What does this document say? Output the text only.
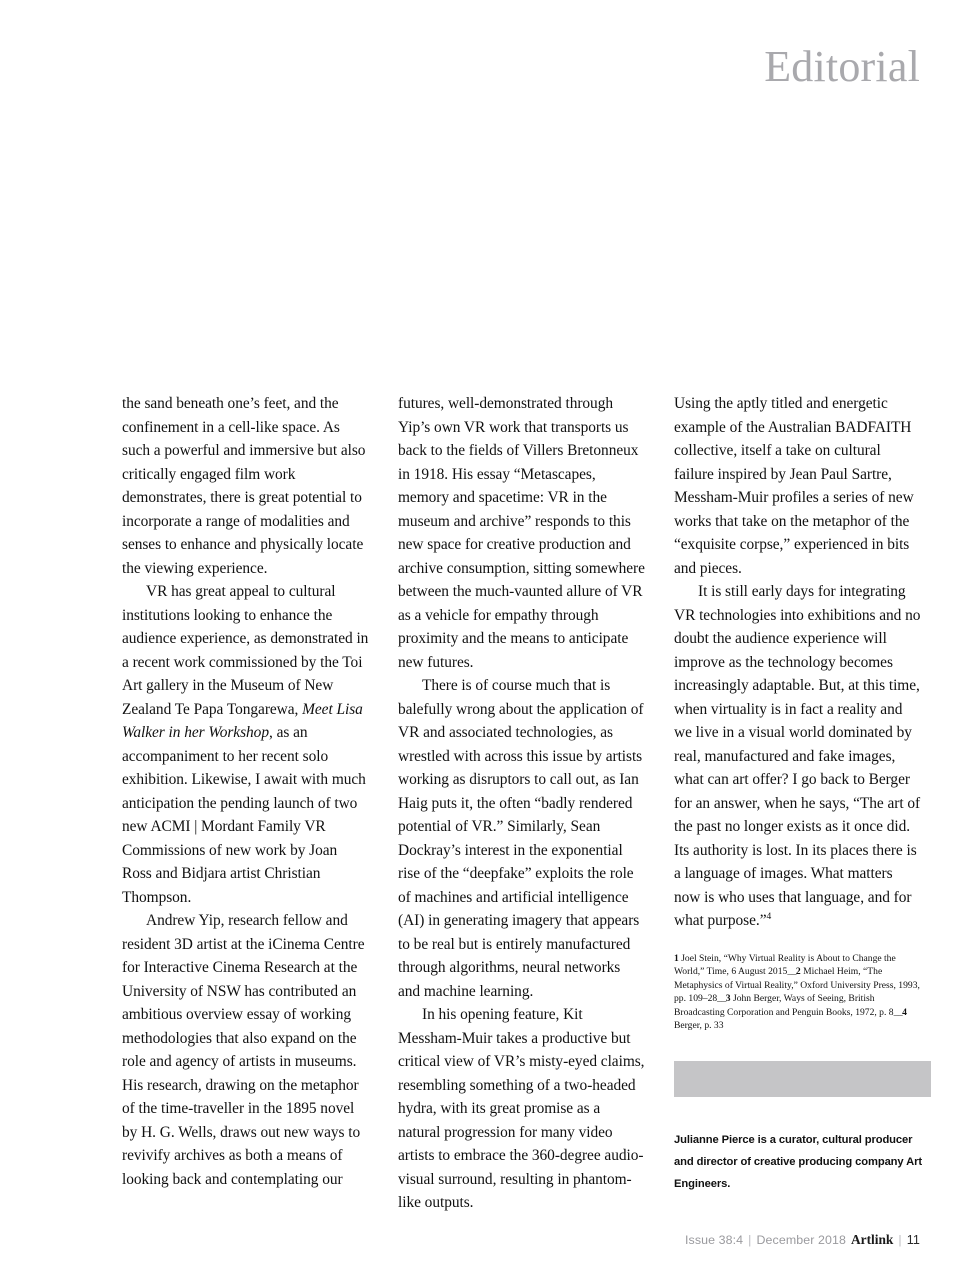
Editorial

the sand beneath one’s feet, and the confinement in a cell-like space. As such a powerful and immersive but also critically engaged film work demonstrates, there is great potential to incorporate a range of modalities and senses to enhance and physically locate the viewing experience.

VR has great appeal to cultural institutions looking to enhance the audience experience, as demonstrated in a recent work commissioned by the Toi Art gallery in the Museum of New Zealand Te Papa Tongarewa, Meet Lisa Walker in her Workshop, as an accompaniment to her recent solo exhibition. Likewise, I await with much anticipation the pending launch of two new ACMI | Mordant Family VR Commissions of new work by Joan Ross and Bidjara artist Christian Thompson.

Andrew Yip, research fellow and resident 3D artist at the iCinema Centre for Interactive Cinema Research at the University of NSW has contributed an ambitious overview essay of working methodologies that also expand on the role and agency of artists in museums. His research, drawing on the metaphor of the time-traveller in the 1895 novel by H. G. Wells, draws out new ways to revivify archives as both a means of looking back and contemplating our

futures, well-demonstrated through Yip’s own VR work that transports us back to the fields of Villers Bretonneux in 1918. His essay “Metascapes, memory and spacetime: VR in the museum and archive” responds to this new space for creative production and archive consumption, sitting somewhere between the much-vaunted allure of VR as a vehicle for empathy through proximity and the means to anticipate new futures.

There is of course much that is balefully wrong about the application of VR and associated technologies, as wrestled with across this issue by artists working as disruptors to call out, as Ian Haig puts it, the often “badly rendered potential of VR.” Similarly, Sean Dockray’s interest in the exponential rise of the “deepfake” exploits the role of machines and artificial intelligence (AI) in generating imagery that appears to be real but is entirely manufactured through algorithms, neural networks and machine learning.

In his opening feature, Kit Messham-Muir takes a productive but critical view of VR’s misty-eyed claims, resembling something of a two-headed hydra, with its great promise as a natural progression for many video artists to embrace the 360-degree audio-visual surround, resulting in phantom-like outputs.

Using the aptly titled and energetic example of the Australian BADFAITH collective, itself a take on cultural failure inspired by Jean Paul Sartre, Messham-Muir profiles a series of new works that take on the metaphor of the “exquisite corpse,” experienced in bits and pieces.

It is still early days for integrating VR technologies into exhibitions and no doubt the audience experience will improve as the technology becomes increasingly adaptable. But, at this time, when virtuality is in fact a reality and we live in a visual world dominated by real, manufactured and fake images, what can art offer? I go back to Berger for an answer, when he says, “The art of the past no longer exists as it once did. Its authority is lost. In its places there is a language of images. What matters now is who uses that language, and for what purpose.”$^4$

1 Joel Stein, “Why Virtual Reality is About to Change the World,” Time, 6 August 2015__2 Michael Heim, “The Metaphysics of Virtual Reality,” Oxford University Press, 1993, pp. 109–28__3 John Berger, Ways of Seeing, British Broadcasting Corporation and Penguin Books, 1972, p. 8__4 Berger, p. 33
Julianne Pierce is a curator, cultural producer and director of creative producing company Art Engineers.
Issue 38:4 | December 2018 Artlink | 11
